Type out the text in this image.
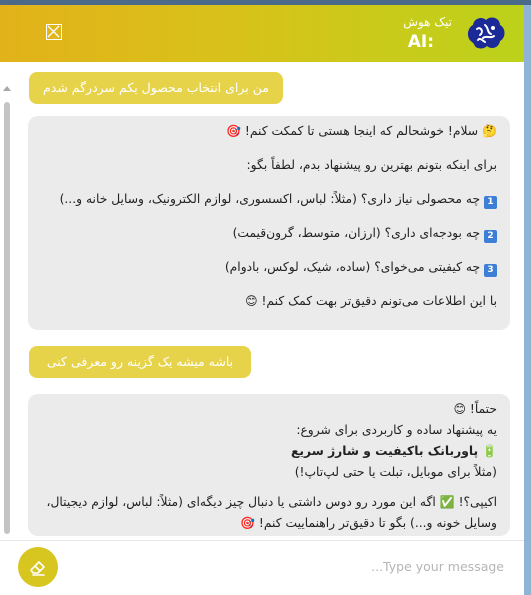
تیک هوش
AI:
من برای انتخاب محصول یکم سردرگم شدم

🤔 سلام! خوشحالم که اینجا هستی تا کمکت کنم! 🎯

برای اینکه بتونم بهترین رو پیشنهاد بدم، لطفاً بگو:

1 چه محصولی نیاز داری؟ (مثلاً: لباس، اکسسوری، لوازم الکترونیک، وسایل خانه و...)

2 چه بودجه‌ای داری؟ (ارزان، متوسط، گرون‌قیمت)

3 چه کیفیتی می‌خوای؟ (ساده، شیک، لوکس، بادوام)

با این اطلاعات می‌تونم دقیق‌تر بهت کمک کنم! 😊

باشه میشه یک گزینه رو معرفی کنی

حتماً! 😊

یه پیشنهاد ساده و کاربردی برای شروع:

🔋 پاوربانک باکیفیت و شارژ سریع

(مثلاً برای موبایل، تبلت یا حتی لپ‌تاپ!)

اکیپی؟! ✅ اگه این مورد رو دوس داشتی یا دنبال چیز دیگه‌ای (مثلاً: لباس، لوازم دیجیتال، وسایل خونه و...) بگو تا دقیق‌تر راهنماییت کنم! 🎯

...Type your message
